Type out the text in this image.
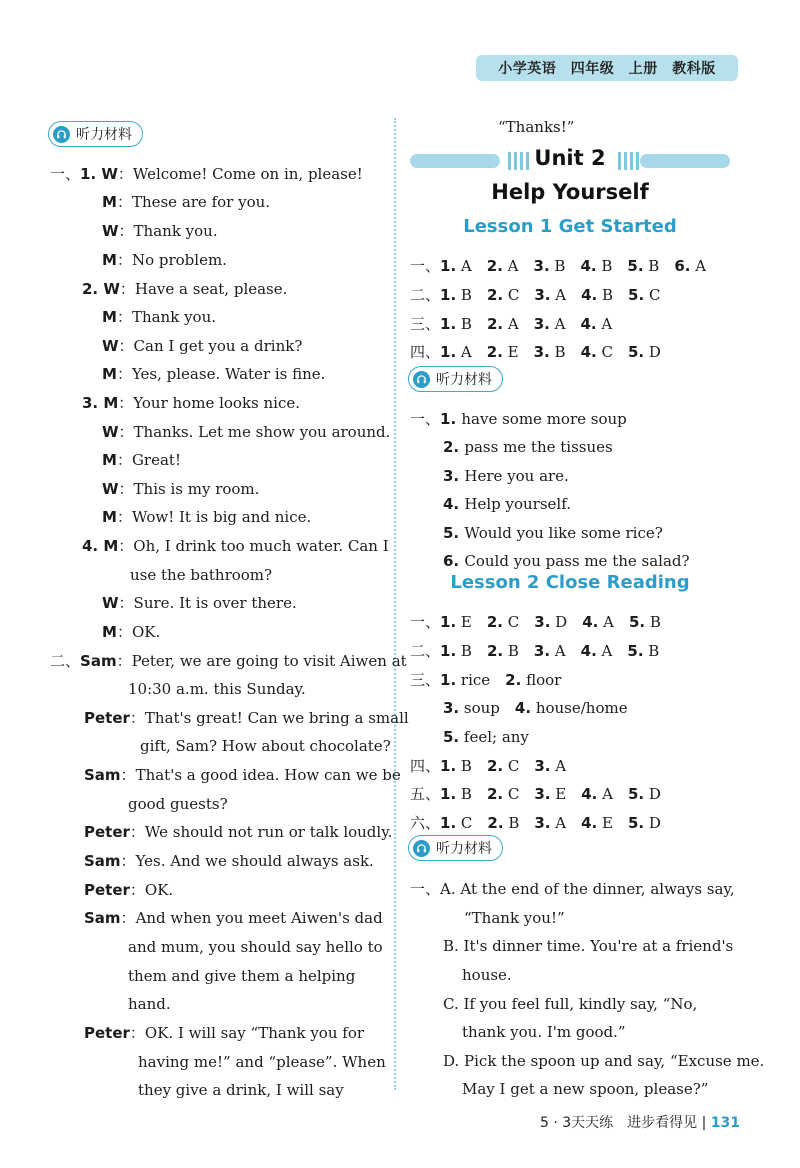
小学英语　四年级　上册　教科版
听力材料
一、1. W：Welcome! Come on in, please!
M：These are for you.
W：Thank you.
M：No problem.
2. W：Have a seat, please.
M：Thank you.
W：Can I get you a drink?
M：Yes, please. Water is fine.
3. M：Your home looks nice.
W：Thanks. Let me show you around.
M：Great!
W：This is my room.
M：Wow! It is big and nice.
4. M：Oh, I drink too much water. Can I
use the bathroom?
W：Sure. It is over there.
M：OK.
二、Sam：Peter, we are going to visit Aiwen at
10:30 a.m. this Sunday.
Peter：That's great! Can we bring a small
gift, Sam? How about chocolate?
Sam：That's a good idea. How can we be
good guests?
Peter：We should not run or talk loudly.
Sam：Yes. And we should always ask.
Peter：OK.
Sam：And when you meet Aiwen's dad
and mum, you should say hello to
them and give them a helping
hand.
Peter：OK. I will say “Thank you for
having me!” and “please”. When
they give a drink, I will say
“Thanks!”
Unit 2
Help Yourself
Lesson 1 Get Started
听力材料
Lesson 2 Close Reading
听力材料
一、1. A  2. A  3. B  4. B  5. B  6. A
二、1. B  2. C  3. A  4. B  5. C
三、1. B  2. A  3. A  4. A
四、1. A  2. E  3. B  4. C  5. D
一、1. have some more soup
2. pass me the tissues
3. Here you are.
4. Help yourself.
5. Would you like some rice?
6. Could you pass me the salad?
一、1. E  2. C  3. D  4. A  5. B
二、1. B  2. B  3. A  4. A  5. B
三、1. rice  2. floor
3. soup  4. house/home
5. feel; any
四、1. B  2. C  3. A
五、1. B  2. C  3. E  4. A  5. D
六、1. C  2. B  3. A  4. E  5. D
一、A. At the end of the dinner, always say,
“Thank you!”
B. It's dinner time. You're at a friend's
house.
C. If you feel full, kindly say, “No,
thank you. I'm good.”
D. Pick the spoon up and say, “Excuse me.
May I get a new spoon, please?”
5 · 3天天练　进步看得见 | 131
